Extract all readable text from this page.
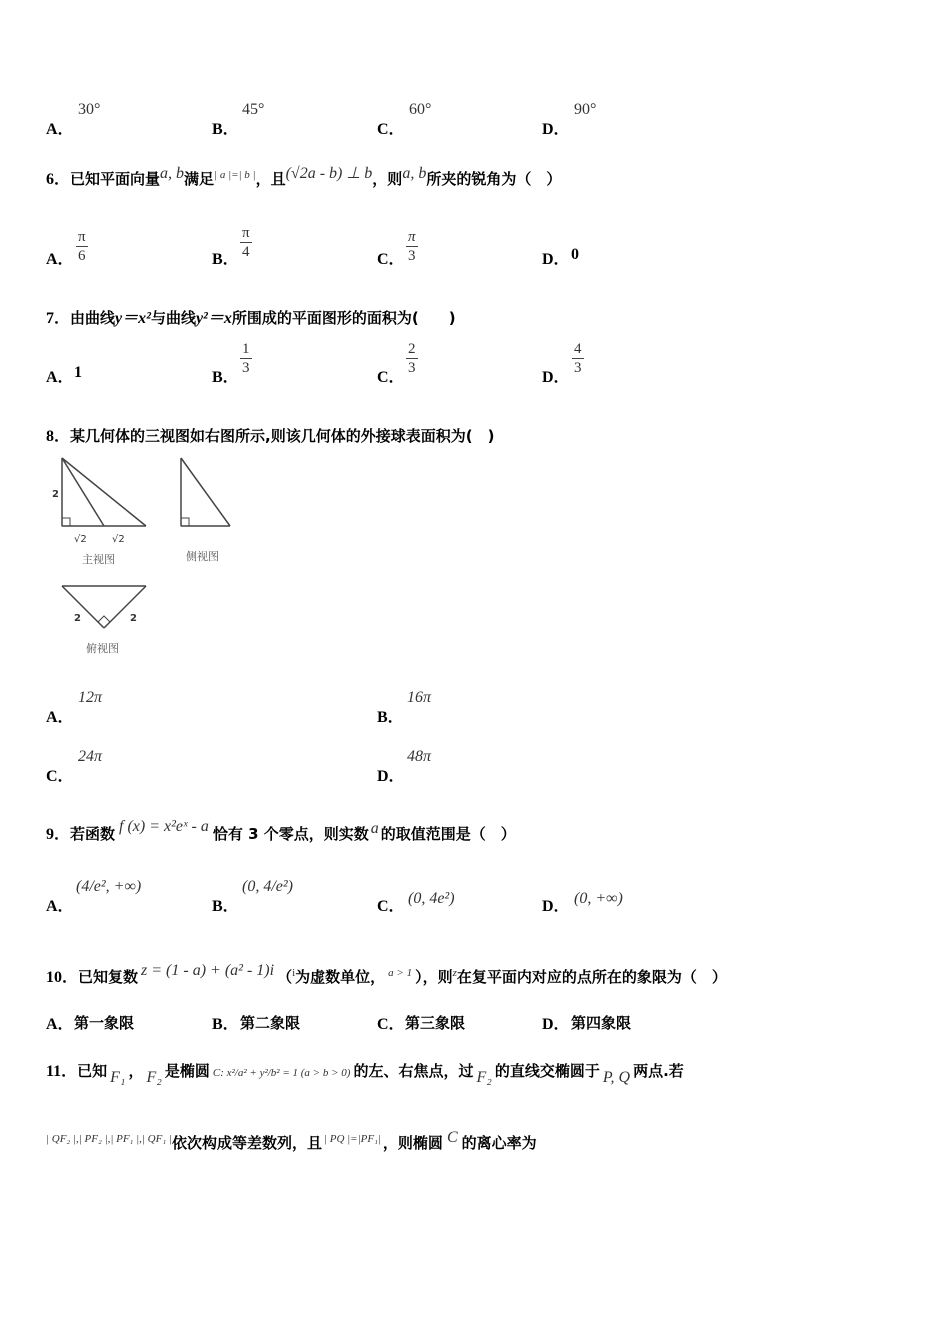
A．
30°
B．
45°
C．
60°
D．
90°
6．已知平面向量a, b满足$^{| a |=| b |}$，且(√2a - b) ⊥ b，则a, b所夹的锐角为（　）
A． $\frac{\pi}{6}$	B． $\frac{\pi}{4}$	C． $\frac{\pi}{3}$	D． 0
7．由曲线y＝x²与曲线y²＝x所围成的平面图形的面积为(　　)
A． 1	B．
$\frac{1}{3}$
C．
$\frac{2}{3}$
D．
$\frac{4}{3}$
8．某几何体的三视图如右图所示,则该几何体的外接球表面积为(　)
2
√2	√2
主视图	侧视图
2	2
俯视图
A．
12π
B．
16π
C．
24π
D．
48π
9．若函数 f (x) = x²eˣ - a 恰有 3 个零点，则实数 a 的取值范围是（　）
A．
(4/e², +∞)
B．
(0, 4/e²)
C． (0, 4e²)	D． (0, +∞)
10．已知复数 z = (1 - a) + (a² - 1)i （$^i$为虚数单位， $^{a > 1}$ ），则$^z$在复平面内对应的点所在的象限为（　）
A． 第一象限	B． 第二象限	C． 第三象限	D． 第四象限
11．已知 F₁ ， F₂ 是椭圆 C: x²/a² + y²/b² = 1 (a > b > 0) 的左、右焦点，过 F₂ 的直线交椭圆于 P, Q 两点.若
$^{| QF_2 |,| PF_2 |,| PF_1 |,| QF_1 |}$依次构成等差数列，且 $^{| PQ |=|PF_1|}$ ，则椭圆 C 的离心率为
